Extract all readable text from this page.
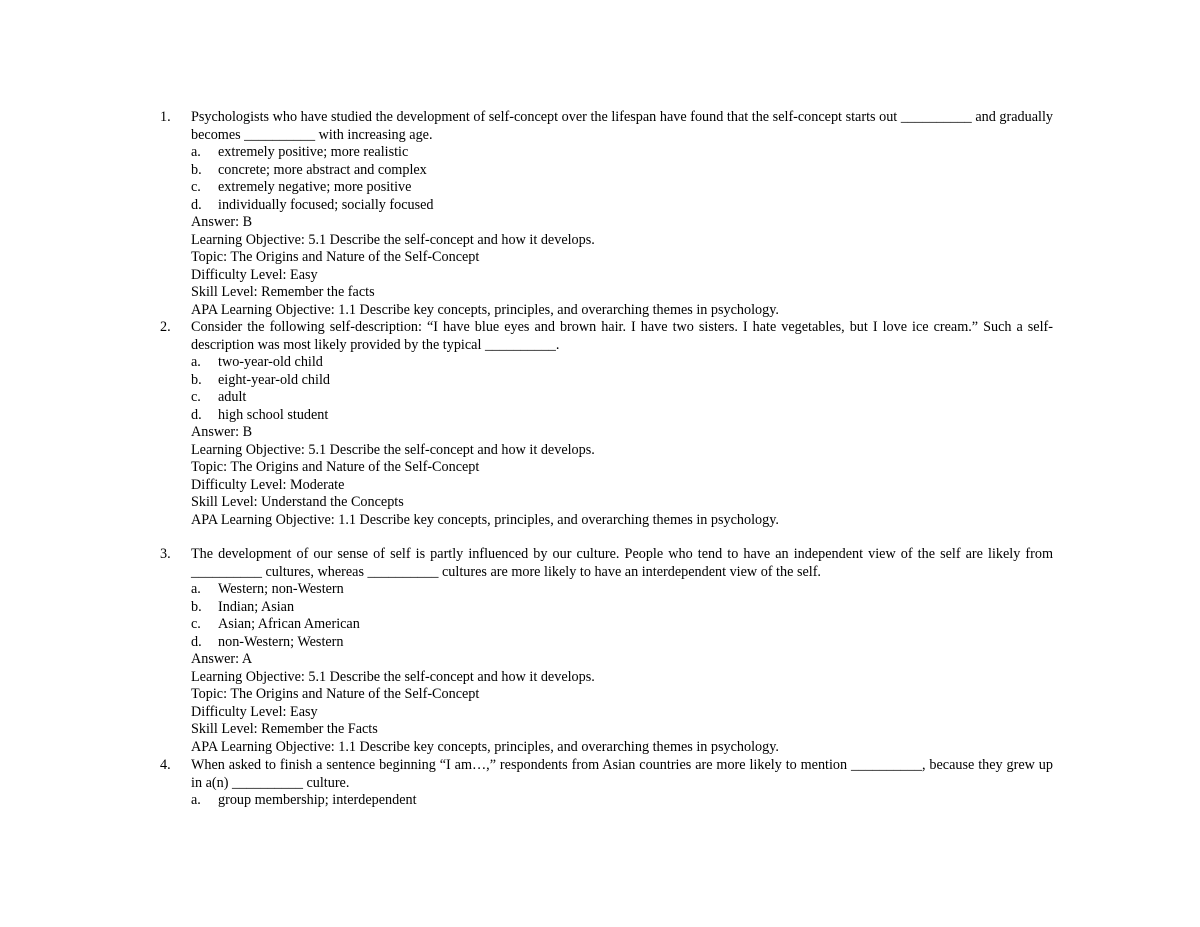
1. Psychologists who have studied the development of self-concept over the lifespan have found that the self-concept starts out __________ and gradually becomes __________ with increasing age.
a. extremely positive; more realistic
b. concrete; more abstract and complex
c. extremely negative; more positive
d. individually focused; socially focused
Answer: B
Learning Objective: 5.1 Describe the self-concept and how it develops.
Topic: The Origins and Nature of the Self-Concept
Difficulty Level: Easy
Skill Level: Remember the facts
APA Learning Objective: 1.1 Describe key concepts, principles, and overarching themes in psychology.
2. Consider the following self-description: “I have blue eyes and brown hair. I have two sisters. I hate vegetables, but I love ice cream.” Such a self-description was most likely provided by the typical __________.
a. two-year-old child
b. eight-year-old child
c. adult
d. high school student
Answer: B
Learning Objective: 5.1 Describe the self-concept and how it develops.
Topic: The Origins and Nature of the Self-Concept
Difficulty Level: Moderate
Skill Level: Understand the Concepts
APA Learning Objective: 1.1 Describe key concepts, principles, and overarching themes in psychology.
3. The development of our sense of self is partly influenced by our culture. People who tend to have an independent view of the self are likely from __________ cultures, whereas __________ cultures are more likely to have an interdependent view of the self.
a. Western; non-Western
b. Indian; Asian
c. Asian; African American
d. non-Western; Western
Answer: A
Learning Objective: 5.1 Describe the self-concept and how it develops.
Topic: The Origins and Nature of the Self-Concept
Difficulty Level: Easy
Skill Level: Remember the Facts
APA Learning Objective: 1.1 Describe key concepts, principles, and overarching themes in psychology.
4. When asked to finish a sentence beginning “I am…,” respondents from Asian countries are more likely to mention __________, because they grew up in a(n) __________ culture.
a. group membership; interdependent
